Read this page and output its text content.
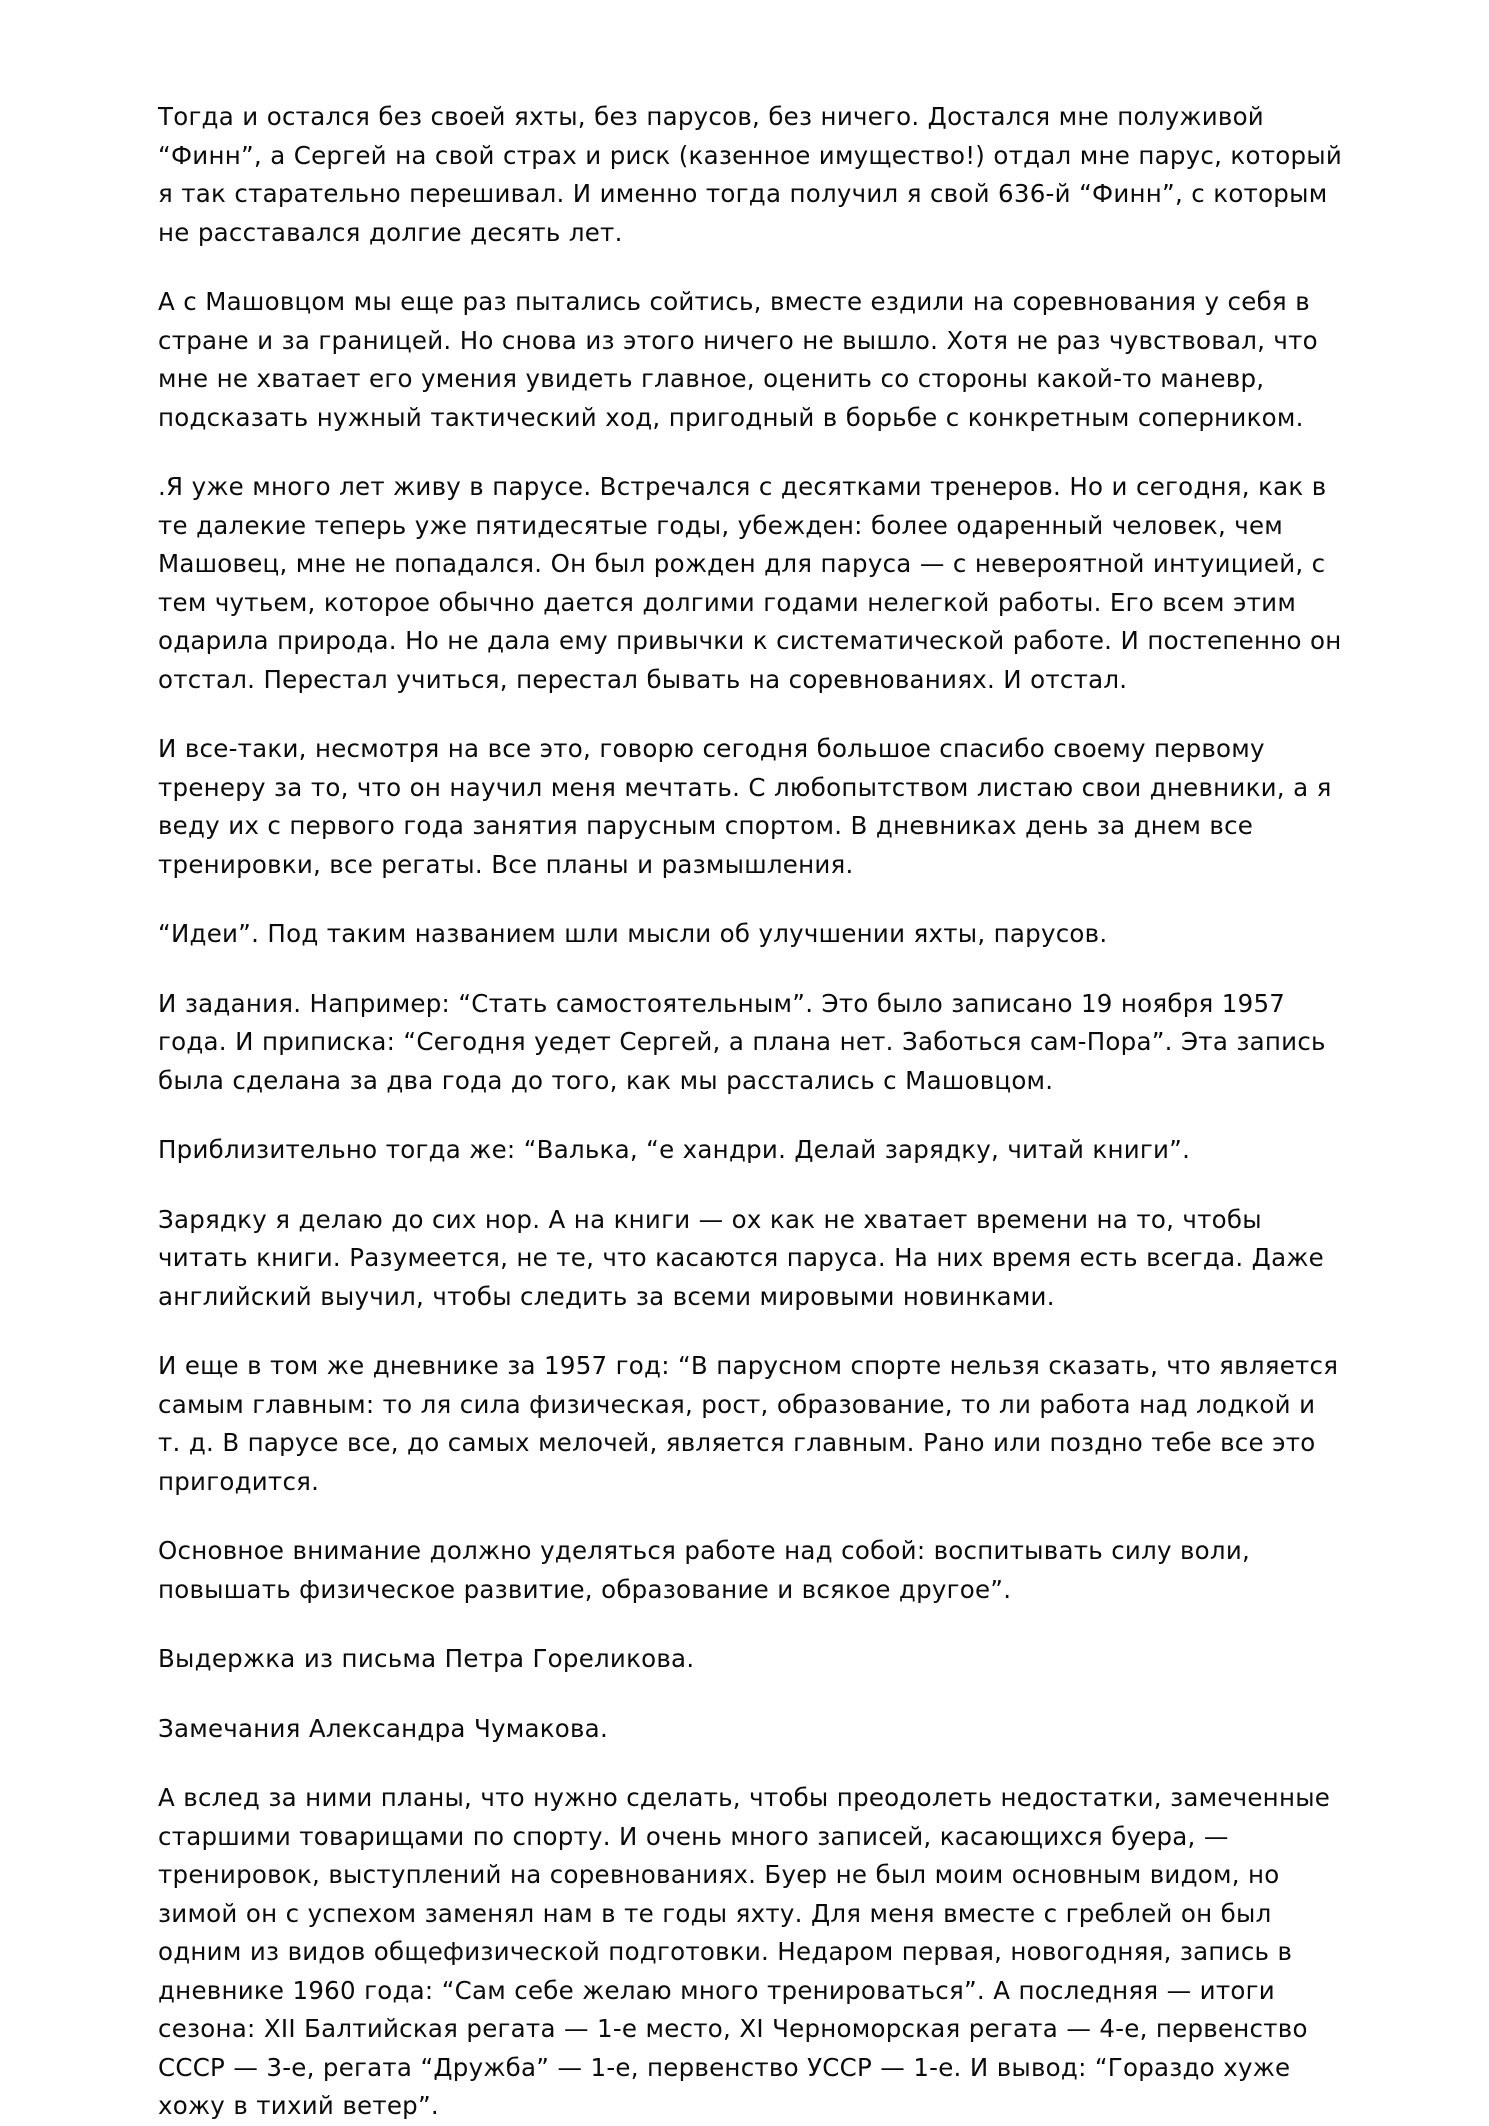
Тогда и остался без своей яхты, без парусов, без ничего. Достался мне полуживой “Финн”, а Сергей на свой страх и риск (казенное имущество!) отдал мне парус, который я так старательно перешивал. И именно тогда получил я свой 636-й “Финн”, с которым не расставался долгие десять лет.

А с Машовцом мы еще раз пытались сойтись, вместе ездили на соревнования у себя в стране и за границей. Но снова из этого ничего не вышло. Хотя не раз чувствовал, что мне не хватает его умения увидеть главное, оценить со стороны какой-то маневр, подсказать нужный тактический ход, пригодный в борьбе с конкретным соперником.

.Я уже много лет живу в парусе. Встречался с десятками тренеров. Но и сегодня, как в те далекие теперь уже пятидесятые годы, убежден: более одаренный человек, чем Машовец, мне не попадался. Он был рожден для паруса — с невероятной интуицией, с тем чутьем, которое обычно дается долгими годами нелегкой работы. Его всем этим одарила природа. Но не дала ему привычки к систематической работе. И постепенно он отстал. Перестал учиться, перестал бывать на соревнованиях. И отстал.

И все-таки, несмотря на все это, говорю сегодня большое спасибо своему первому тренеру за то, что он научил меня мечтать. С любопытством листаю свои дневники, а я веду их с первого года занятия парусным спортом. В дневниках день за днем все тренировки, все регаты. Все планы и размышления.

“Идеи”. Под таким названием шли мысли об улучшении яхты, парусов.

И задания. Например: “Стать самостоятельным”. Это было записано 19 ноября 1957 года. И приписка: “Сегодня уедет Сергей, а плана нет. Заботься сам-Пора”. Эта запись была сделана за два года до того, как мы расстались с Машовцом.

Приблизительно тогда же: “Валька, “е хандри. Делай зарядку, читай книги”.

Зарядку я делаю до сих нор. А на книги — ох как не хватает времени на то, чтобы читать книги. Разумеется, не те, что касаются паруса. На них время есть всегда. Даже английский выучил, чтобы следить за всеми мировыми новинками.

И еще в том же дневнике за 1957 год: “В парусном спорте нельзя сказать, что является самым главным: то ля сила физическая, рост, образование, то ли работа над лодкой и т. д. В парусе все, до самых мелочей, является главным. Рано или поздно тебе все это пригодится.

Основное внимание должно уделяться работе над собой: воспитывать силу воли, повышать физическое развитие, образование и всякое другое”.

Выдержка из письма Петра Гореликова.

Замечания Александра Чумакова.

А вслед за ними планы, что нужно сделать, чтобы преодолеть недостатки, замеченные старшими товарищами по спорту. И очень много записей, касающихся буера, — тренировок, выступлений на соревнованиях. Буер не был моим основным видом, но зимой он с успехом заменял нам в те годы яхту. Для меня вместе с греблей он был одним из видов общефизической подготовки. Недаром первая, новогодняя, запись в дневнике 1960 года: “Сам себе желаю много тренироваться”. А последняя — итоги сезона: XII Балтийская регата — 1-е место, XI Черноморская регата — 4-е, первенство СССР — 3-е, регата “Дружба” — 1-е, первенство УССР — 1-е. И вывод: “Гораздо хуже хожу в тихий ветер”.
